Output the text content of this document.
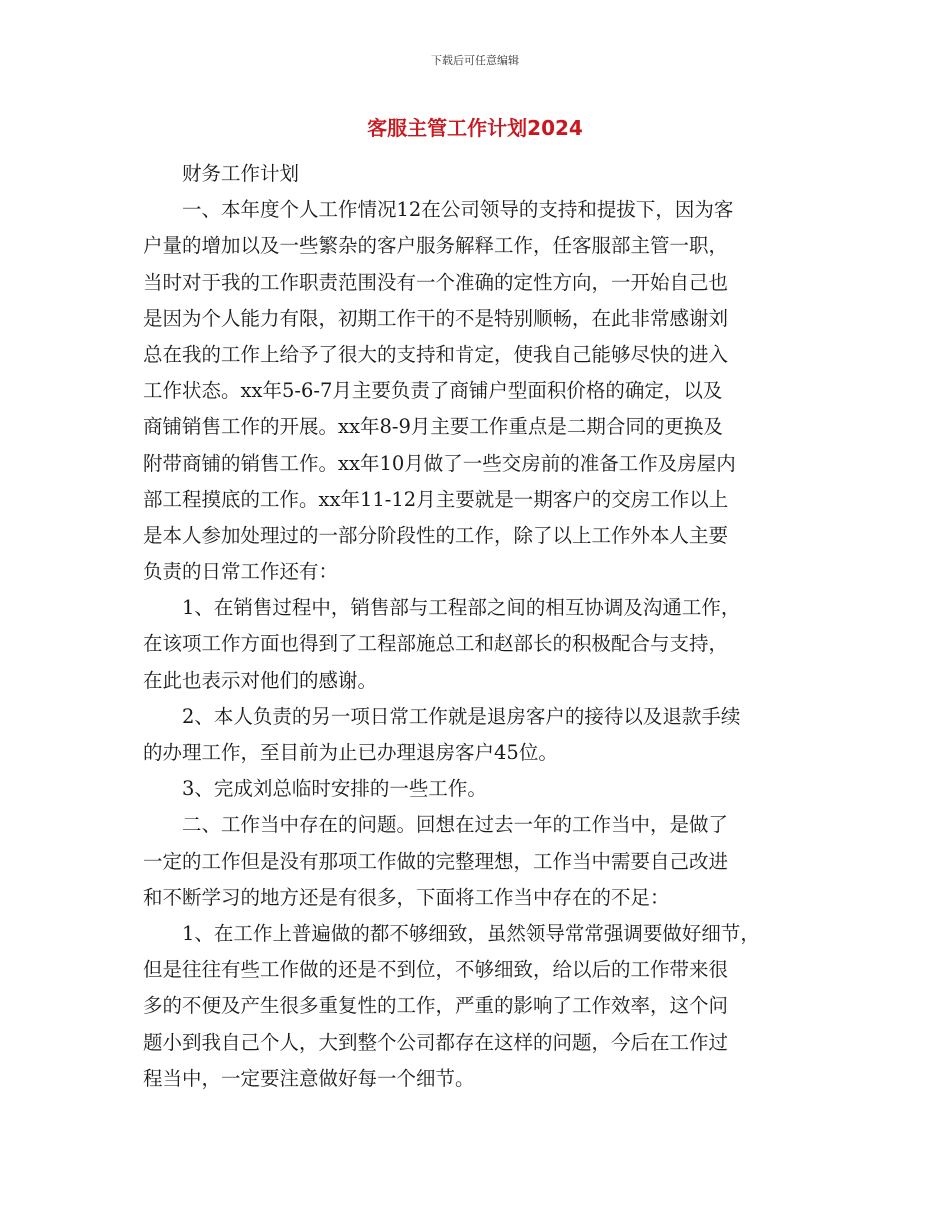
下载后可任意编辑
客服主管工作计划2024
财务工作计划
一、本年度个人工作情况12在公司领导的支持和提拔下，因为客
户量的增加以及一些繁杂的客户服务解释工作，任客服部主管一职，
当时对于我的工作职责范围没有一个准确的定性方向，一开始自己也
是因为个人能力有限，初期工作干的不是特别顺畅，在此非常感谢刘
总在我的工作上给予了很大的支持和肯定，使我自己能够尽快的进入
工作状态。xx年5-6-7月主要负责了商铺户型面积价格的确定，以及
商铺销售工作的开展。xx年8-9月主要工作重点是二期合同的更换及
附带商铺的销售工作。xx年10月做了一些交房前的准备工作及房屋内
部工程摸底的工作。xx年11-12月主要就是一期客户的交房工作以上
是本人参加处理过的一部分阶段性的工作，除了以上工作外本人主要
负责的日常工作还有：
1、在销售过程中，销售部与工程部之间的相互协调及沟通工作，
在该项工作方面也得到了工程部施总工和赵部长的积极配合与支持，
在此也表示对他们的感谢。
2、本人负责的另一项日常工作就是退房客户的接待以及退款手续
的办理工作，至目前为止已办理退房客户45位。
3、完成刘总临时安排的一些工作。
二、工作当中存在的问题。回想在过去一年的工作当中，是做了
一定的工作但是没有那项工作做的完整理想，工作当中需要自己改进
和不断学习的地方还是有很多，下面将工作当中存在的不足：
1、在工作上普遍做的都不够细致，虽然领导常常强调要做好细节，
但是往往有些工作做的还是不到位，不够细致，给以后的工作带来很
多的不便及产生很多重复性的工作，严重的影响了工作效率，这个问
题小到我自己个人，大到整个公司都存在这样的问题，今后在工作过
程当中，一定要注意做好每一个细节。
